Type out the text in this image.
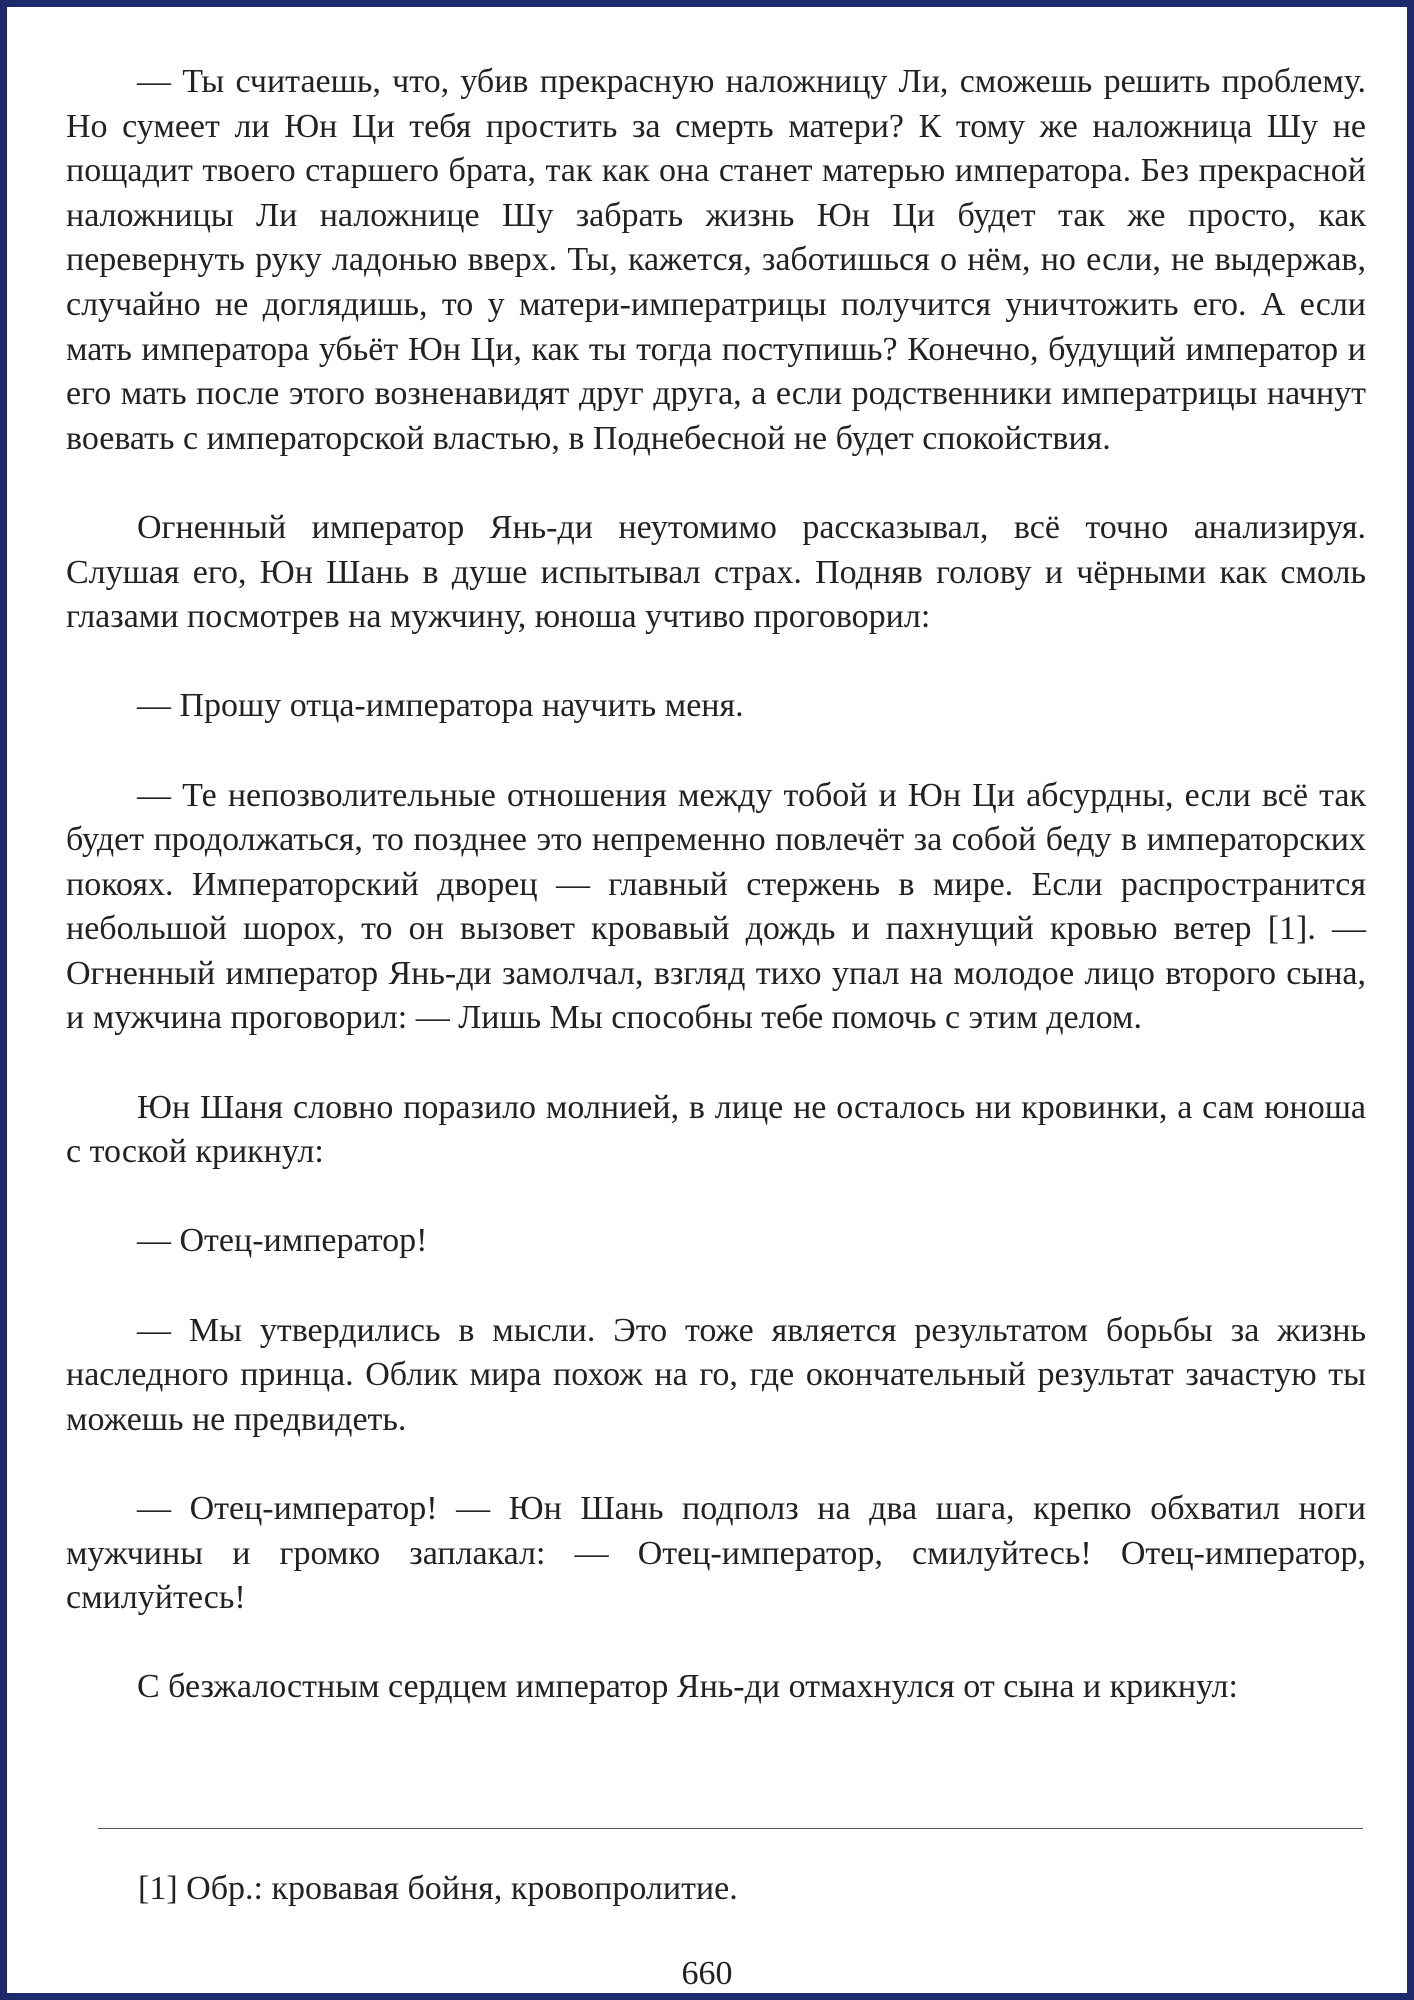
— Ты считаешь, что, убив прекрасную наложницу Ли, сможешь решить проблему. Но сумеет ли Юн Ци тебя простить за смерть матери? К тому же наложница Шу не пощадит твоего старшего брата, так как она станет матерью императора. Без прекрасной наложницы Ли наложнице Шу забрать жизнь Юн Ци будет так же просто, как перевернуть руку ладонью вверх. Ты, кажется, заботишься о нём, но если, не выдержав, случайно не доглядишь, то у матери-императрицы получится уничтожить его. А если мать императора убьёт Юн Ци, как ты тогда поступишь? Конечно, будущий император и его мать после этого возненавидят друг друга, а если родственники императрицы начнут воевать с императорской властью, в Поднебесной не будет спокойствия.

Огненный император Янь-ди неутомимо рассказывал, всё точно анализируя. Слушая его, Юн Шань в душе испытывал страх. Подняв голову и чёрными как смоль глазами посмотрев на мужчину, юноша учтиво проговорил:

— Прошу отца-императора научить меня.

— Те непозволительные отношения между тобой и Юн Ци абсурдны, если всё так будет продолжаться, то позднее это непременно повлечёт за собой беду в императорских покоях. Императорский дворец — главный стержень в мире. Если распространится небольшой шорох, то он вызовет кровавый дождь и пахнущий кровью ветер [1]. — Огненный император Янь-ди замолчал, взгляд тихо упал на молодое лицо второго сына, и мужчина проговорил: — Лишь Мы способны тебе помочь с этим делом.

Юн Шаня словно поразило молнией, в лице не осталось ни кровинки, а сам юноша с тоской крикнул:

— Отец-император!

— Мы утвердились в мысли. Это тоже является результатом борьбы за жизнь наследного принца. Облик мира похож на го, где окончательный результат зачастую ты можешь не предвидеть.

— Отец-император! — Юн Шань подполз на два шага, крепко обхватил ноги мужчины и громко заплакал: — Отец-император, смилуйтесь! Отец-император, смилуйтесь!

С безжалостным сердцем император Янь-ди отмахнулся от сына и крикнул:

[1] Обр.: кровавая бойня, кровопролитие.
660
